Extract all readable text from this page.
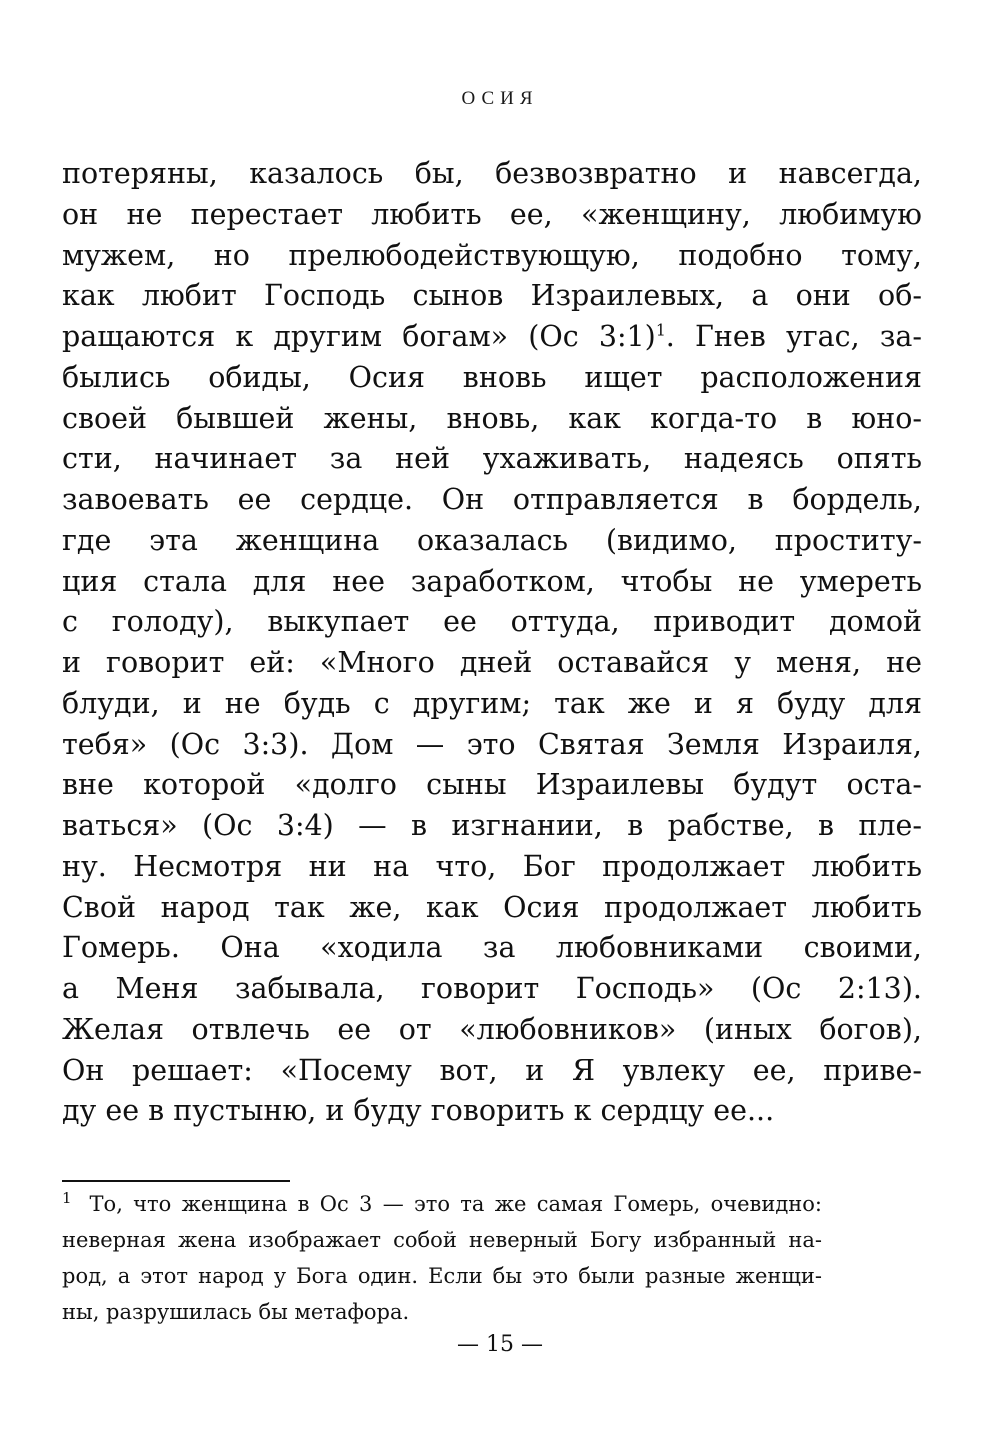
ОСИЯ
потеряны, казалось бы, безвозвратно и навсегда,
он не перестает любить ее, «женщину, любимую
мужем, но прелюбодействующую, подобно тому,
как любит Господь сынов Израилевых, а они об-
ращаются к другим богам» (Ос 3:1)$^1$. Гнев угас, за-
былись обиды, Осия вновь ищет расположения
своей бывшей жены, вновь, как когда-то в юно-
сти, начинает за ней ухаживать, надеясь опять
завоевать ее сердце. Он отправляется в бордель,
где эта женщина оказалась (видимо, проститу-
ция стала для нее заработком, чтобы не умереть
с голоду), выкупает ее оттуда, приводит домой
и говорит ей: «Много дней оставайся у меня, не
блуди, и не будь с другим; так же и я буду для
тебя» (Ос 3:3). Дом — это Святая Земля Израиля,
вне которой «долго сыны Израилевы будут оста-
ваться» (Ос 3:4) — в изгнании, в рабстве, в пле-
ну. Несмотря ни на что, Бог продолжает любить
Свой народ так же, как Осия продолжает любить
Гомерь. Она «ходила за любовниками своими,
а Меня забывала, говорит Господь» (Ос 2:13).
Желая отвлечь ее от «любовников» (иных богов),
Он решает: «Посему вот, и Я увлеку ее, приве-
ду ее в пустыню, и буду говорить к сердцу ее...
$^1$ То, что женщина в Ос 3 — это та же самая Гомерь, очевидно:
неверная жена изображает собой неверный Богу избранный на-
род, а этот народ у Бога один. Если бы это были разные женщи-
ны, разрушилась бы метафора.
— 15 —
